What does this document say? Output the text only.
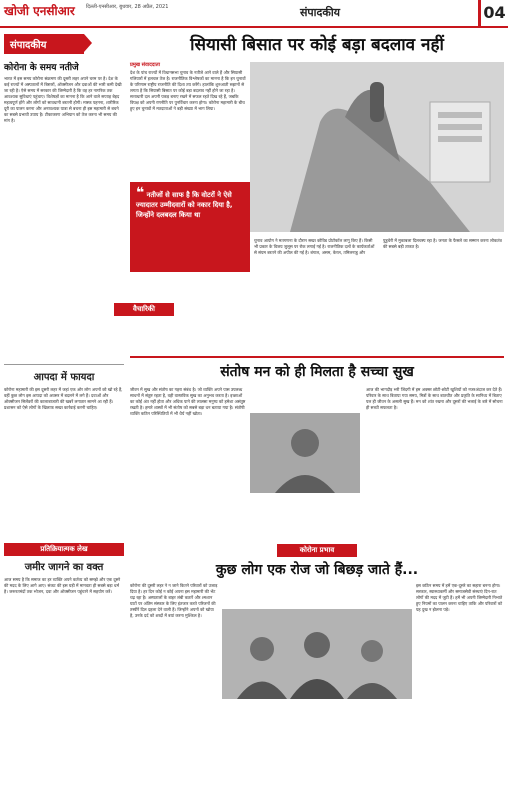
खोजी एनसीआर दिल्ली-एनसीआर, बुधवार, 28 अप्रैल, 2021	संपादकीय	04
संपादकीय
कोरोना के समय नतीजे
भारत में इस समय कोरोना संक्रमण की दूसरी लहर अपने चरम पर है। देश के कई राज्यों में अस्पतालों में बिस्तरों, ऑक्सीजन और दवाओं की भारी कमी देखी जा रही है। ऐसे समय में सरकार की जिम्मेदारी है कि वह हर नागरिक तक आवश्यक सुविधाएं पहुंचाए। विशेषज्ञों का मानना है कि आने वाले सप्ताह बेहद महत्वपूर्ण होंगे और लोगों को सावधानी बरतनी होगी। मास्क पहनना, शारीरिक दूरी का पालन करना और अनावश्यक यात्रा से बचना ही इस महामारी से बचने का सबसे प्रभावी उपाय है। टीकाकरण अभियान को तेज करना भी समय की मांग है।
आपदा में फायदा
कोरोना महामारी की इस दूसरी लहर में जहां एक ओर लोग अपनों को खो रहे हैं, वहीं कुछ लोग इस आपदा को अवसर में बदलने में लगे हैं। दवाओं और ऑक्सीजन सिलेंडरों की कालाबाजारी की खबरें लगातार सामने आ रही हैं। प्रशासन को ऐसे लोगों के खिलाफ सख्त कार्रवाई करनी चाहिए।
प्रतिक्रियात्मक लेख
जमीर जागने का वक्त
आज समय है कि समाज का हर व्यक्ति अपने कर्तव्य को समझे और एक दूसरे की मदद के लिए आगे आए। संकट की इस घड़ी में मानवता ही सबसे बड़ा धर्म है। जरूरतमंदों तक भोजन, दवा और ऑक्सीजन पहुंचाने में सहयोग करें।
सियासी बिसात पर कोई बड़ा बदलाव नहीं
प्रमुख संवाददाता
देश के पांच राज्यों में विधानसभा चुनाव के नतीजे आने वाले हैं और सियासी गलियारों में हलचल तेज है। राजनीतिक विश्लेषकों का मानना है कि इन चुनावों के परिणाम राष्ट्रीय राजनीति की दिशा तय करेंगे। हालांकि शुरुआती रुझानों से लगता है कि सियासी बिसात पर कोई बड़ा बदलाव नहीं होने जा रहा है। सत्ताधारी दल अपनी पकड़ बनाए रखने में सफल रहते दिख रहे हैं, जबकि विपक्ष को अपनी रणनीति पर पुनर्विचार करना होगा। कोरोना महामारी के बीच हुए इन चुनावों में मतदाताओं ने बड़ी संख्या में भाग लिया।
❝ नतीजों से साफ है कि वोटरों ने ऐसे ज्यादातर उम्मीदवारों को नकार दिया है, जिन्होंने दलबदल किया था
चुनाव आयोग ने मतगणना के दौरान सख्त कोविड प्रोटोकॉल लागू किए हैं। किसी भी प्रकार के विजय जुलूस पर रोक लगाई गई है। राजनीतिक दलों के कार्यकर्ताओं से संयम बरतने की अपील की गई है। बंगाल, असम, केरल, तमिलनाडु और पुडुचेरी में मुकाबला दिलचस्प रहा है। जनता के फैसले का सम्मान करना लोकतंत्र की सबसे बड़ी ताकत है।
संतोष मन को ही मिलता है सच्चा सुख
जीवन में सुख और संतोष का गहरा संबंध है। जो व्यक्ति अपने पास उपलब्ध साधनों में संतुष्ट रहता है, वही वास्तविक सुख का अनुभव करता है। इच्छाओं का कोई अंत नहीं होता और अधिक पाने की लालसा मनुष्य को हमेशा असंतुष्ट रखती है। हमारे शास्त्रों में भी संतोष को सबसे बड़ा धन बताया गया है। संतोषी व्यक्ति कठिन परिस्थितियों में भी धैर्य नहीं खोता।
आज की भागदौड़ भरी जिंदगी में हम अक्सर छोटी-छोटी खुशियों को नजरअंदाज कर देते हैं। परिवार के साथ बिताया गया समय, मित्रों के साथ बातचीत और प्रकृति के सानिध्य में बिताए पल ही जीवन के असली सुख हैं। मन को शांत रखना और दूसरों की भलाई के बारे में सोचना ही सच्ची सफलता है।
कोरोना प्रभाव
कुछ लोग एक रोज जो बिछड़ जाते हैं...
कोरोना की दूसरी लहर ने न जाने कितने परिवारों को उजाड़ दिया है। हर दिन कोई न कोई अपना इस महामारी की भेंट चढ़ रहा है। अस्पतालों के बाहर लंबी कतारें और श्मशान घाटों पर अंतिम संस्कार के लिए इंतजार करते परिजनों की तस्वीरें दिल दहला देने वाली हैं। जिन्होंने अपनों को खोया है, उनके दर्द को शब्दों में बयां करना मुश्किल है।
इस कठिन समय में हमें एक-दूसरे का सहारा बनना होगा। सरकार, स्वास्थ्यकर्मी और समाजसेवी संस्थाएं दिन-रात लोगों की मदद में जुटी हैं। हमें भी अपनी जिम्मेदारी निभाते हुए नियमों का पालन करना चाहिए ताकि और परिवारों को यह दुख न झेलना पड़े।
वैचारिकी
